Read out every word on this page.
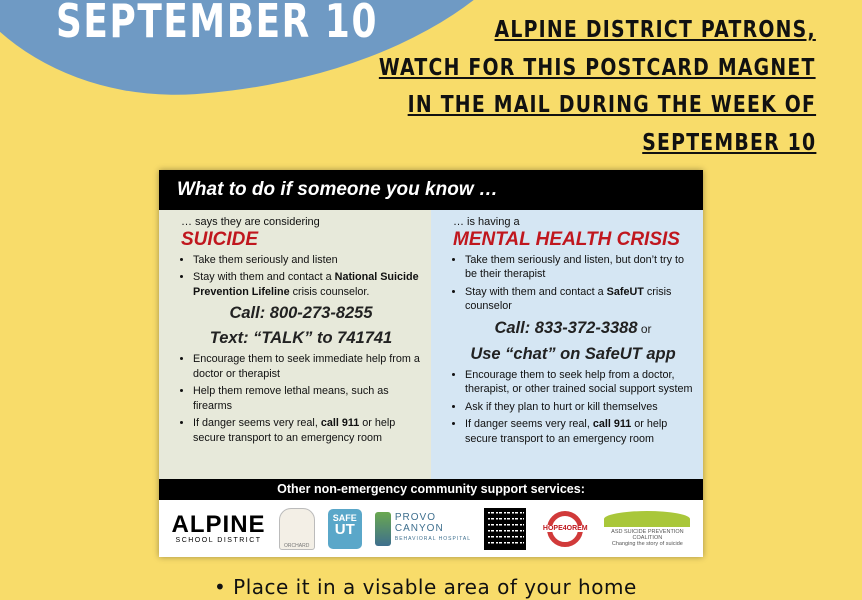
SEPTEMBER 10	ALPINE DISTRICT PATRONS,
WATCH FOR THIS POSTCARD MAGNET
IN THE MAIL DURING THE WEEK OF
SEPTEMBER 10
What to do if someone you know …
… says they are considering
SUICIDE
• Take them seriously and listen
• Stay with them and contact a National Suicide Prevention Lifeline crisis counselor.
Call: 800-273-8255
Text: “TALK” to 741741
• Encourage them to seek immediate help from a doctor or therapist
• Help them remove lethal means, such as firearms
• If danger seems very real, call 911 or help secure transport to an emergency room
… is having a
MENTAL HEALTH CRISIS
• Take them seriously and listen, but don’t try to be their therapist
• Stay with them and contact a SafeUT crisis counselor
Call: 833-372-3388 or
Use “chat” on SafeUT app
• Encourage them to seek help from a doctor, therapist, or other trained social support system
• Ask if they plan to hurt or kill themselves
• If danger seems very real, call 911 or help secure transport to an emergency room
Other non-emergency community support services:
ALPINE
SCHOOL DISTRICT
ORCHARD
SAFE
UT
PROVO
CANYON
BEHAVIORAL HOSPITAL
HOPE4OREM	ASD SUICIDE PREVENTION COALITION
Changing the story of suicide
• Place it in a visable area of your home
